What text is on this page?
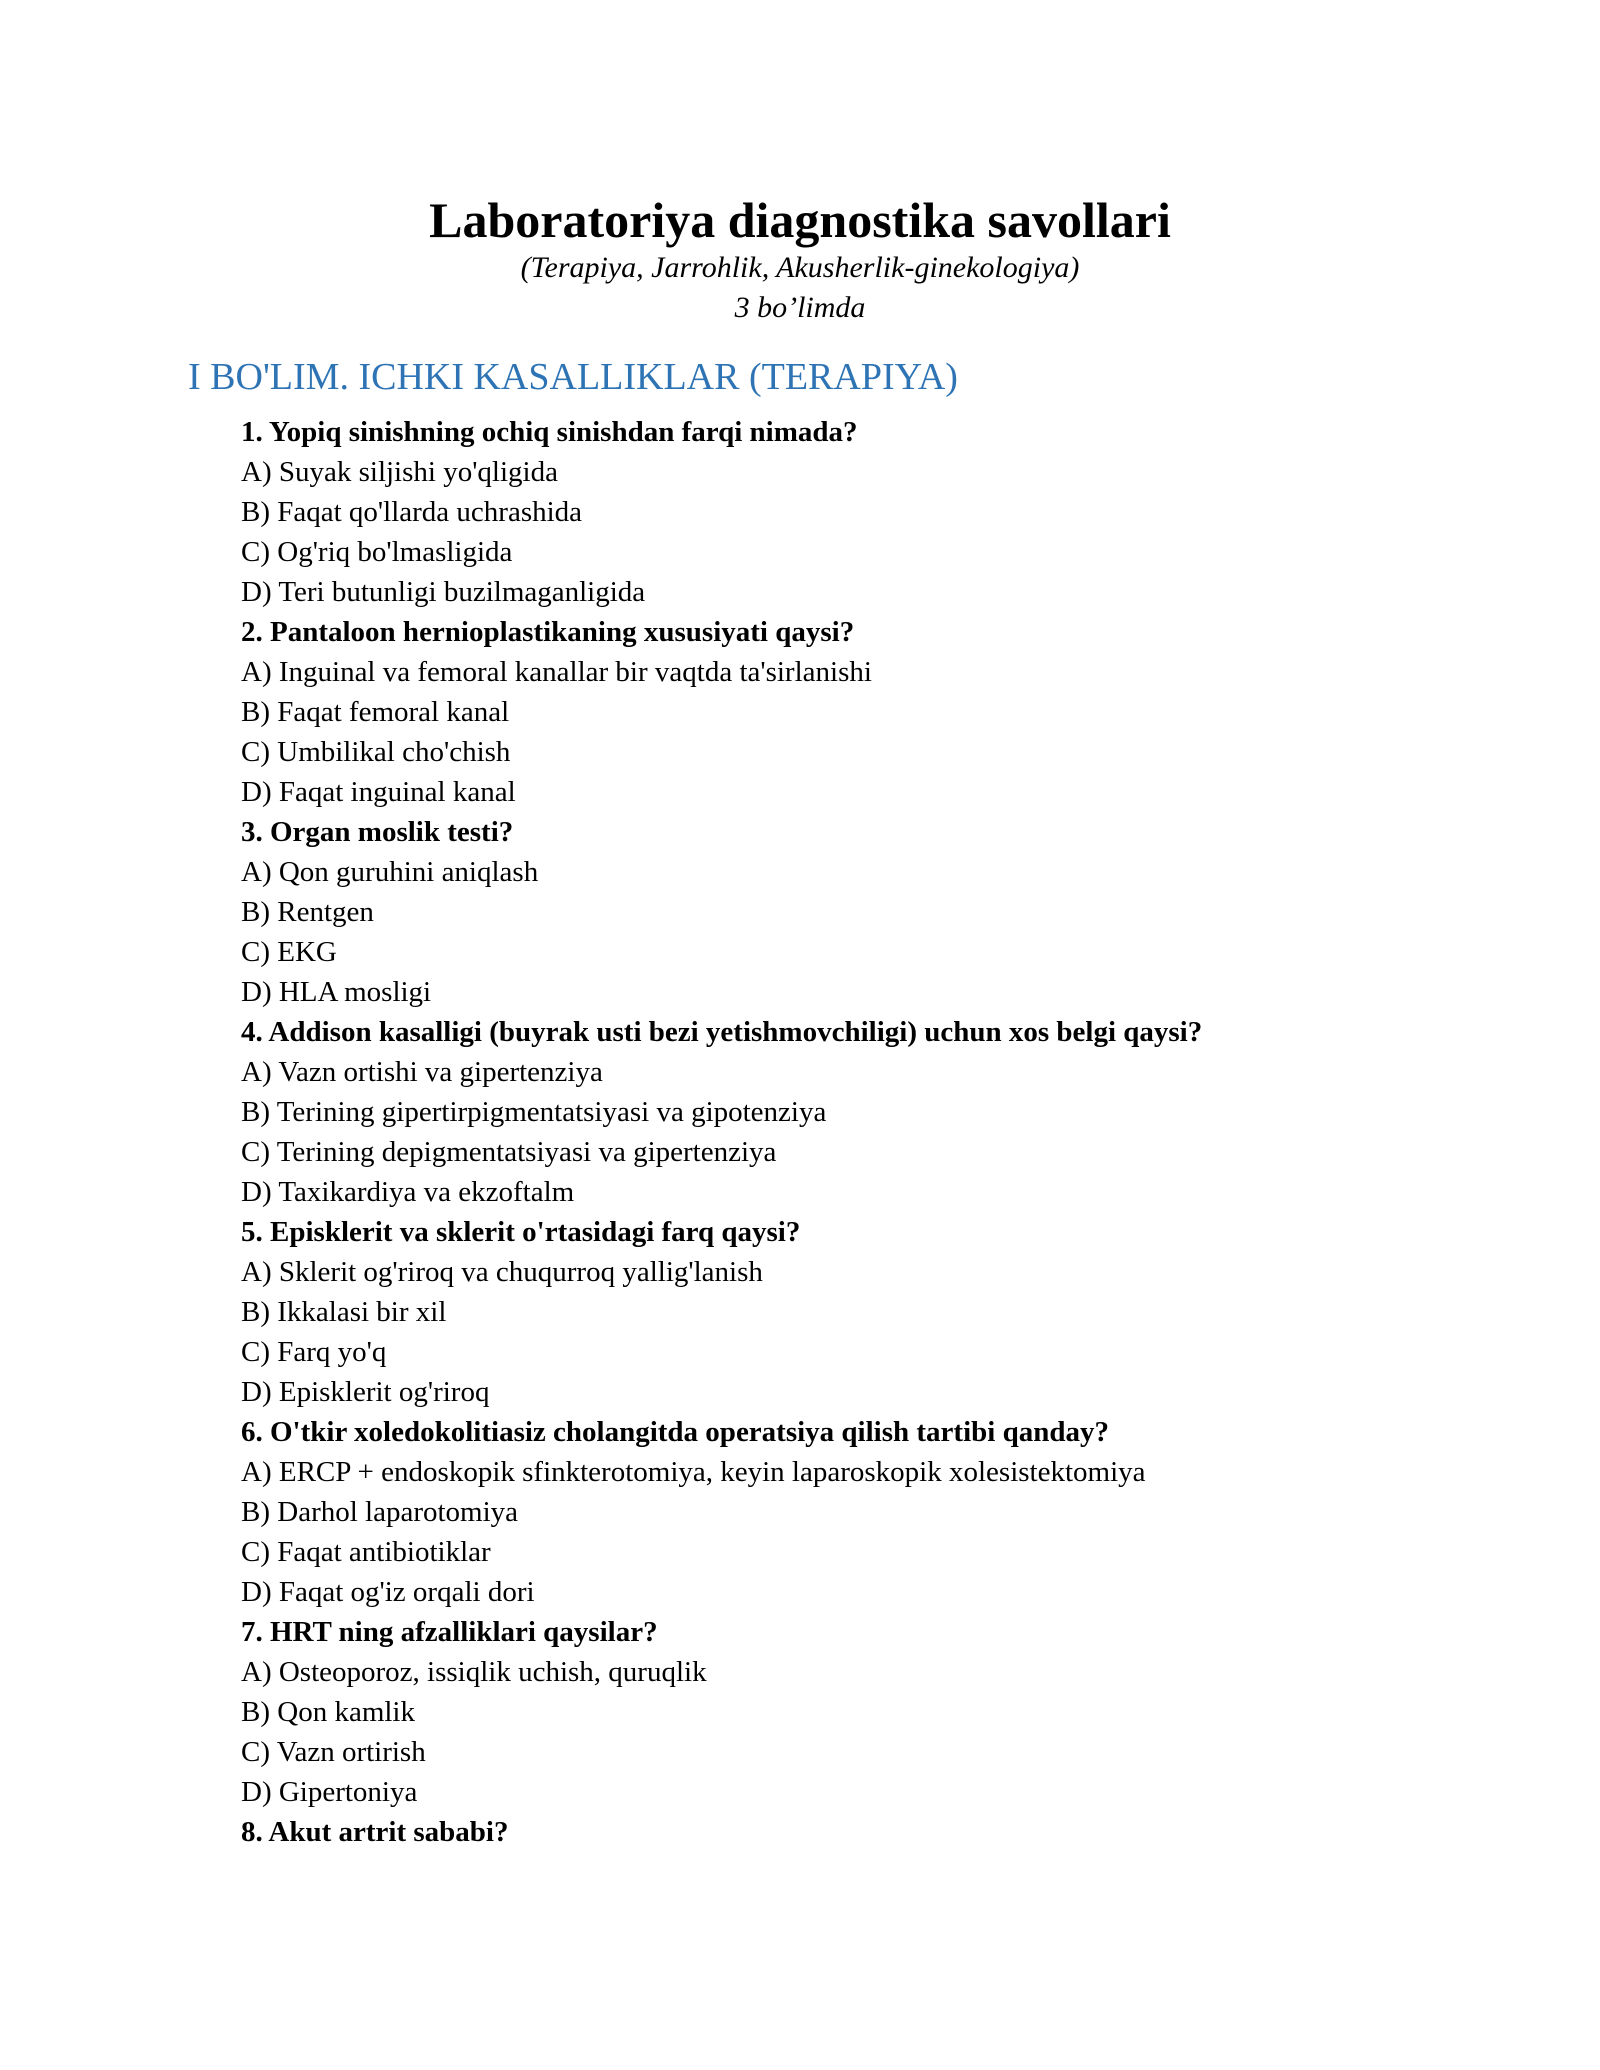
Laboratoriya diagnostika savollari
(Terapiya, Jarrohlik, Akusherlik-ginekologiya)
3 bo’limda
I BO'LIM. ICHKI KASALLIKLAR (TERAPIYA)
1. Yopiq sinishning ochiq sinishdan farqi nimada?
A) Suyak siljishi yo'qligida
B) Faqat qo'llarda uchrashida
C) Og'riq bo'lmasligida
D) Teri butunligi buzilmaganligida
2. Pantaloon hernioplastikaning xususiyati qaysi?
A) Inguinal va femoral kanallar bir vaqtda ta'sirlanishi
B) Faqat femoral kanal
C) Umbilikal cho'chish
D) Faqat inguinal kanal
3. Organ moslik testi?
A) Qon guruhini aniqlash
B) Rentgen
C) EKG
D) HLA mosligi
4. Addison kasalligi (buyrak usti bezi yetishmovchiligi) uchun xos belgi qaysi?
A) Vazn ortishi va gipertenziya
B) Terining gipertirpigmentatsiyasi va gipotenziya
C) Terining depigmentatsiyasi va gipertenziya
D) Taxikardiya va ekzoftalm
5. Episklerit va sklerit o'rtasidagi farq qaysi?
A) Sklerit og'riroq va chuqurroq yallig'lanish
B) Ikkalasi bir xil
C) Farq yo'q
D) Episklerit og'riroq
6. O'tkir xoledokolitiasiz cholangitda operatsiya qilish tartibi qanday?
A) ERCP + endoskopik sfinkterotomiya, keyin laparoskopik xolesistektomiya
B) Darhol laparotomiya
C) Faqat antibiotiklar
D) Faqat og'iz orqali dori
7. HRT ning afzalliklari qaysilar?
A) Osteoporoz, issiqlik uchish, quruqlik
B) Qon kamlik
C) Vazn ortirish
D) Gipertoniya
8. Akut artrit sababi?
